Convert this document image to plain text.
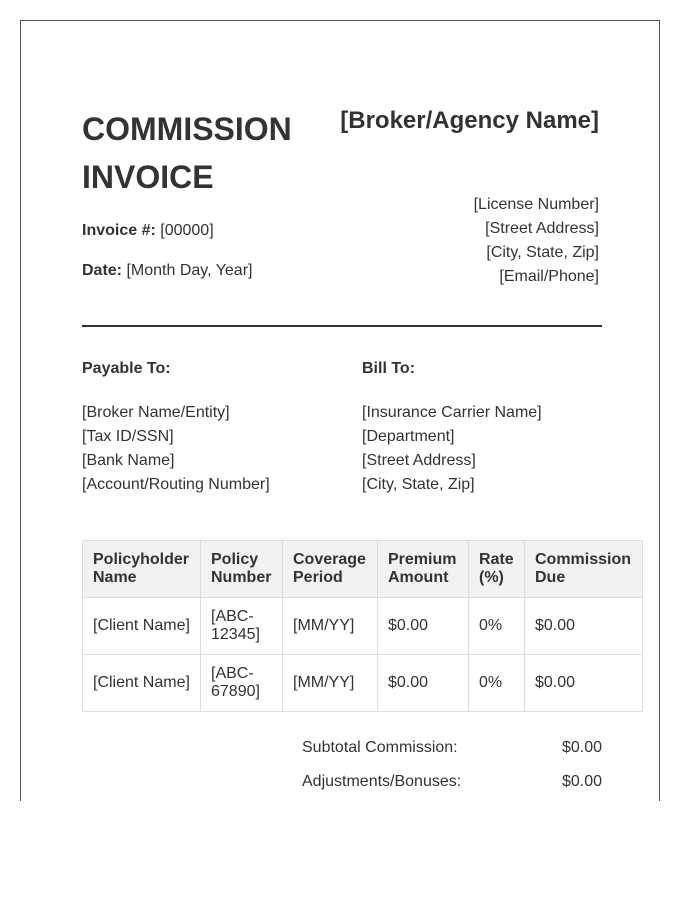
COMMISSION
INVOICE
Invoice #: [00000]
Date: [Month Day, Year]
[Broker/Agency Name]
[License Number]
[Street Address]
[City, State, Zip]
[Email/Phone]
Payable To:
[Broker Name/Entity]
[Tax ID/SSN]
[Bank Name]
[Account/Routing Number]
Bill To:
[Insurance Carrier Name]
[Department]
[Street Address]
[City, State, Zip]
Policyholder Name	Policy Number	Coverage Period	Premium Amount	Rate (%)	Commission Due
[Client Name]	[ABC-12345]	[MM/YY]	$0.00	0%	$0.00
[Client Name]	[ABC-67890]	[MM/YY]	$0.00	0%	$0.00
Subtotal Commission:	$0.00
Adjustments/Bonuses:	$0.00
